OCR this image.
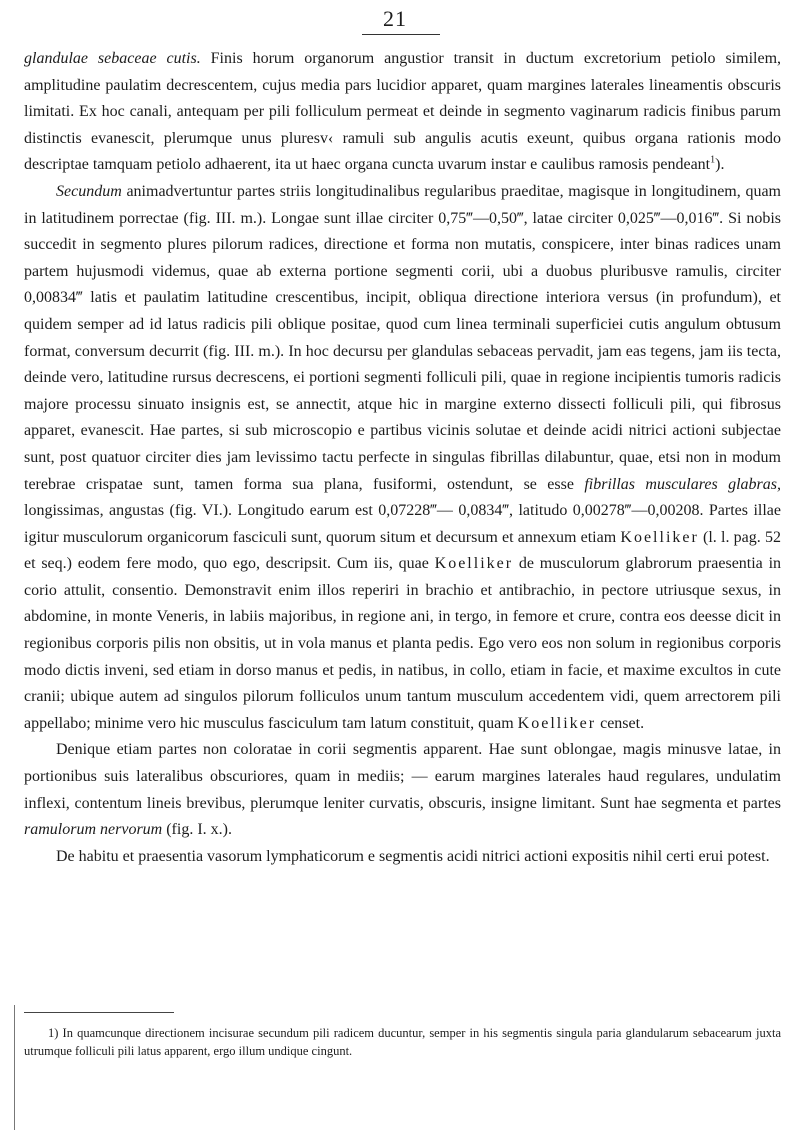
21

glandulae sebaceae cutis. Finis horum organorum angustior transit in ductum excretorium petiolo similem, amplitudine paulatim decrescentem, cujus media pars lucidior apparet, quam margines laterales lineamentis obscuris limitati. Ex hoc canali, antequam per pili folliculum permeat et deinde in segmento vaginarum radicis finibus parum distinctis evanescit, plerumque unus pluresv‹ ramuli sub angulis acutis exeunt, quibus organa rationis modo descriptae tamquam petiolo adhaerent, ita ut haec organa cuncta uvarum instar e caulibus ramosis pendeant$^1$).

Secundum animadvertuntur partes striis longitudinalibus regularibus praeditae, magisque in longitudinem, quam in latitudinem porrectae (fig. III. m.). Longae sunt illae circiter 0,75‴—0,50‴, latae circiter 0,025‴—0,016‴. Si nobis succedit in segmento plures pilorum radices, directione et forma non mutatis, conspicere, inter binas radices unam partem hujusmodi videmus, quae ab externa portione segmenti corii, ubi a duobus pluribusve ramulis, circiter 0,00834‴ latis et paulatim latitudine crescentibus, incipit, obliqua directione interiora versus (in profundum), et quidem semper ad id latus radicis pili oblique positae, quod cum linea terminali superficiei cutis angulum obtusum format, conversum decurrit (fig. III. m.). In hoc decursu per glandulas sebaceas pervadit, jam eas tegens, jam iis tecta, deinde vero, latitudine rursus decrescens, ei portioni segmenti folliculi pili, quae in regione incipientis tumoris radicis majore processu sinuato insignis est, se annectit, atque hic in margine externo dissecti folliculi pili, qui fibrosus apparet, evanescit. Hae partes, si sub microscopio e partibus vicinis solutae et deinde acidi nitrici actioni subjectae sunt, post quatuor circiter dies jam levissimo tactu perfecte in singulas fibrillas dilabuntur, quae, etsi non in modum terebrae crispatae sunt, tamen forma sua plana, fusiformi, ostendunt, se esse fibrillas musculares glabras, longissimas, angustas (fig. VI.). Longitudo earum est 0,07228‴— 0,0834‴, latitudo 0,00278‴—0,00208. Partes illae igitur musculorum organicorum fasciculi sunt, quorum situm et decursum et annexum etiam Koelliker (l. l. pag. 52 et seq.) eodem fere modo, quo ego, descripsit. Cum iis, quae Koelliker de musculorum glabrorum praesentia in corio attulit, consentio. Demonstravit enim illos reperiri in brachio et antibrachio, in pectore utriusque sexus, in abdomine, in monte Veneris, in labiis majoribus, in regione ani, in tergo, in femore et crure, contra eos deesse dicit in regionibus corporis pilis non obsitis, ut in vola manus et planta pedis. Ego vero eos non solum in regionibus corporis modo dictis inveni, sed etiam in dorso manus et pedis, in natibus, in collo, etiam in facie, et maxime excultos in cute cranii; ubique autem ad singulos pilorum folliculos unum tantum musculum accedentem vidi, quem arrectorem pili appellabo; minime vero hic musculus fasciculum tam latum constituit, quam Koelliker censet.

Denique etiam partes non coloratae in corii segmentis apparent. Hae sunt oblongae, magis minusve latae, in portionibus suis lateralibus obscuriores, quam in mediis; — earum margines laterales haud regulares, undulatim inflexi, contentum lineis brevibus, plerumque leniter curvatis, obscuris, insigne limitant. Sunt hae segmenta et partes ramulorum nervorum (fig. I. x.).

De habitu et praesentia vasorum lymphaticorum e segmentis acidi nitrici actioni expositis nihil certi erui potest.

1) In quamcunque directionem incisurae secundum pili radicem ducuntur, semper in his segmentis singula paria glandularum sebacearum juxta utrumque folliculi pili latus apparent, ergo illum undique cingunt.
